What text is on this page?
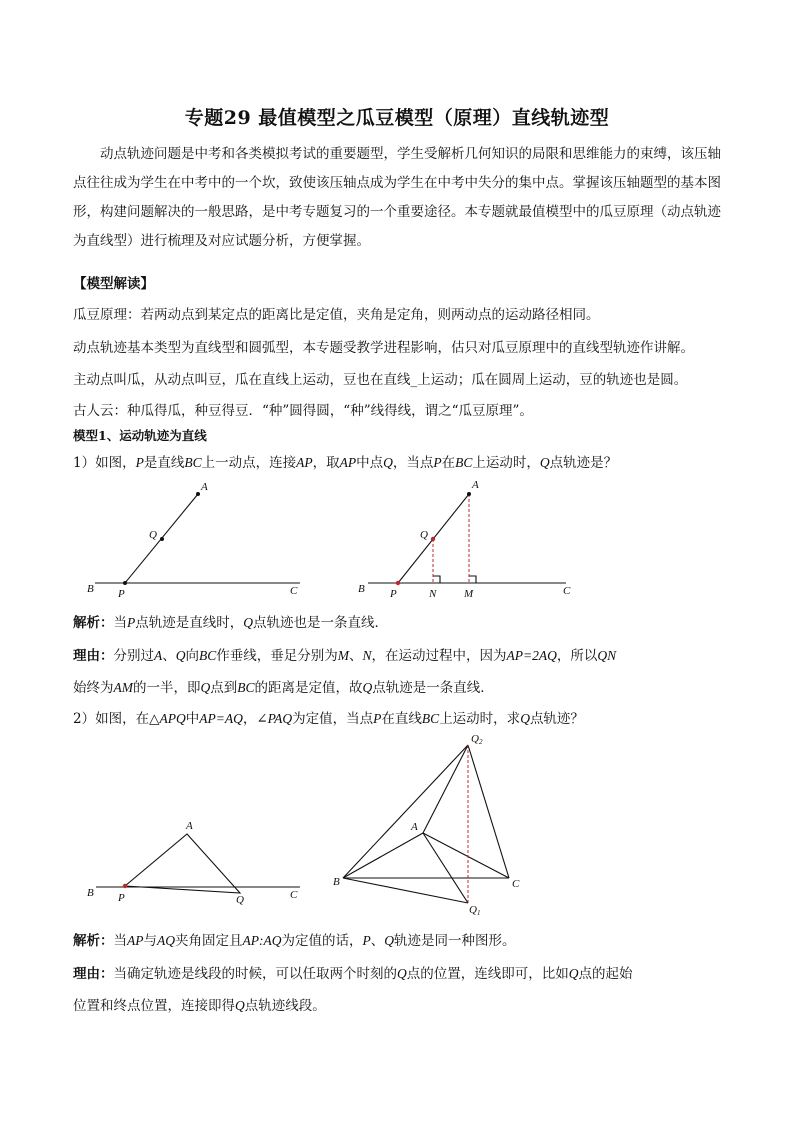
专题29 最值模型之瓜豆模型（原理）直线轨迹型
动点轨迹问题是中考和各类模拟考试的重要题型，学生受解析几何知识的局限和思维能力的束缚，该压轴点往往成为学生在中考中的一个坎，致使该压轴点成为学生在中考中失分的集中点。掌握该压轴题型的基本图形，构建问题解决的一般思路，是中考专题复习的一个重要途径。本专题就最值模型中的瓜豆原理（动点轨迹为直线型）进行梳理及对应试题分析，方便掌握。
【模型解读】
瓜豆原理：若两动点到某定点的距离比是定值，夹角是定角，则两动点的运动路径相同。
动点轨迹基本类型为直线型和圆弧型，本专题受教学进程影响，估只对瓜豆原理中的直线型轨迹作讲解。
主动点叫瓜，从动点叫豆，瓜在直线上运动，豆也在直线_上运动；瓜在圆周上运动，豆的轨迹也是圆。
古人云：种瓜得瓜，种豆得豆．“种”圆得圆，“种”线得线，谓之“瓜豆原理”。
模型1、运动轨迹为直线
1）如图，P是直线BC上一动点，连接AP，取AP中点Q，当点P在BC上运动时，Q点轨迹是？
A
Q
B P	C
A
Q
B P	N	M	C
解析：当P点轨迹是直线时，Q点轨迹也是一条直线．
理由：分别过A、Q向BC作垂线，垂足分别为M、N，在运动过程中，因为AP=2AQ，所以QN
始终为AM的一半，即Q点到BC的距离是定值，故Q点轨迹是一条直线．
2）如图，在△APQ中AP=AQ，∠PAQ为定值，当点P在直线BC上运动时，求Q点轨迹？
A
B P	Q	C
Q2
A
B	C
Q1
解析：当AP与AQ夹角固定且AP:AQ为定值的话，P、Q轨迹是同一种图形。
理由：当确定轨迹是线段的时候，可以任取两个时刻的Q点的位置，连线即可，比如Q点的起始
位置和终点位置，连接即得Q点轨迹线段。
